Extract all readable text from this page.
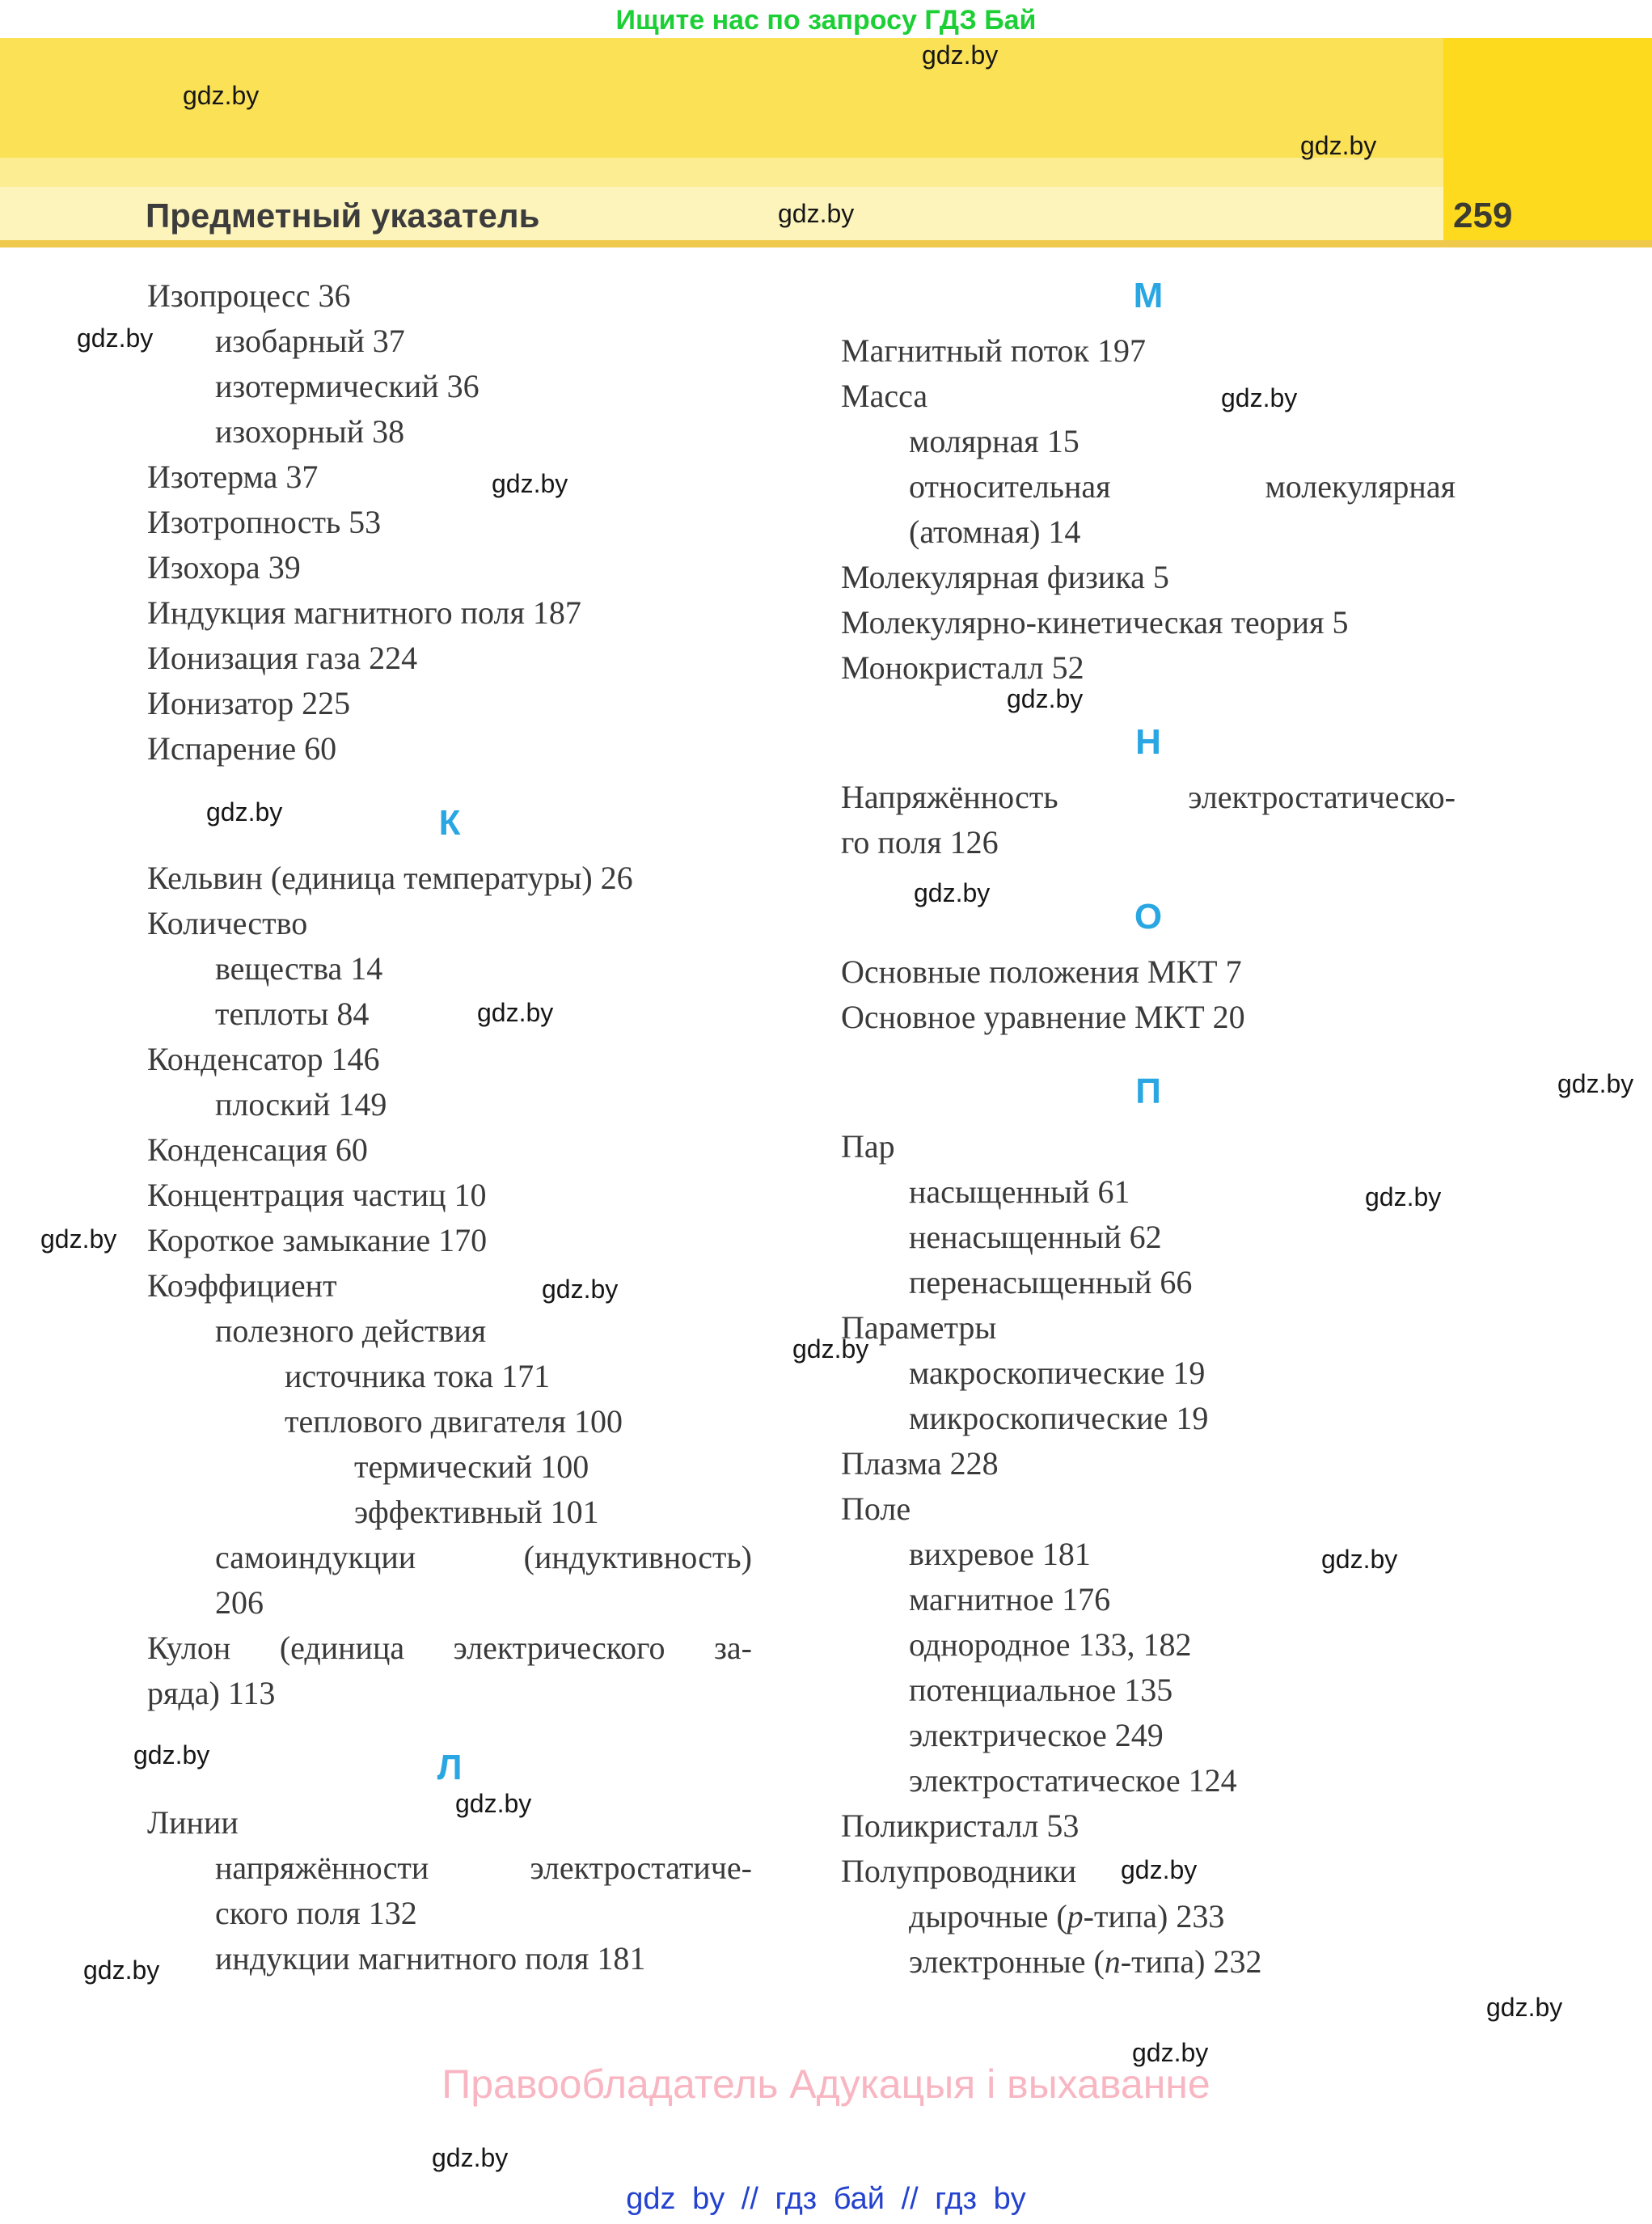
Ищите нас по запросу ГДЗ Бай
Предметный указатель	259
Изопроцесс 36
изобарный 37
изотермический 36
изохорный 38
Изотерма 37
Изотропность 53
Изохора 39
Индукция магнитного поля 187
Ионизация газа 224
Ионизатор 225
Испарение 60
К
Кельвин (единица температуры) 26
Количество
вещества 14
теплоты 84
Конденсатор 146
плоский 149
Конденсация 60
Концентрация частиц 10
Короткое замыкание 170
Коэффициент
полезного действия
источника тока 171
теплового двигателя 100
термический 100
эффективный 101
самоиндукции (индуктивность)
206
Кулон (единица электрического за-
ряда) 113
Л
Линии
напряжённости электростатиче-
ского поля 132
индукции магнитного поля 181
М
Магнитный поток 197
Масса
молярная 15
относительная молекулярная
(атомная) 14
Молекулярная физика 5
Молекулярно-кинетическая теория 5
Монокристалл 52
Н
Напряжённость электростатическо-
го поля 126
О
Основные положения МКТ 7
Основное уравнение МКТ 20
П
Пар
насыщенный 61
ненасыщенный 62
перенасыщенный 66
Параметры
макроскопические 19
микроскопические 19
Плазма 228
Поле
вихревое 181
магнитное 176
однородное 133, 182
потенциальное 135
электрическое 249
электростатическое 124
Поликристалл 53
Полупроводники
дырочные (p-типа) 233
электронные (n-типа) 232
gdz.by
gdz.by
gdz.by
gdz.by
gdz.by
gdz.by
gdz.by
gdz.by
gdz.by
gdz.by
gdz.by
gdz.by
gdz.by
gdz.by
gdz.by
gdz.by
gdz.by
gdz.by
gdz.by
gdz.by
gdz.by
gdz.by
gdz.by
gdz.by
Правообладатель Адукацыя і выхаванне
gdz by // гдз бай // гдз by
